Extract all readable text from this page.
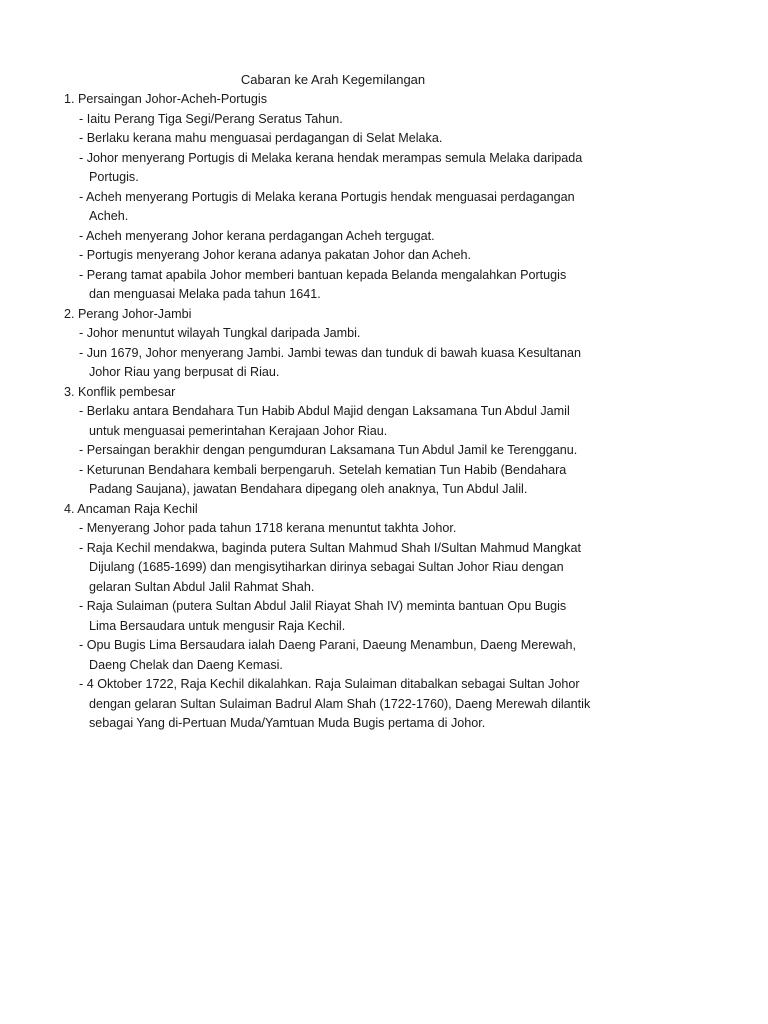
Cabaran ke Arah Kegemilangan
1. Persaingan Johor-Acheh-Portugis
- Iaitu Perang Tiga Segi/Perang Seratus Tahun.
- Berlaku kerana mahu menguasai perdagangan di Selat Melaka.
- Johor menyerang Portugis di Melaka kerana hendak merampas semula Melaka daripada
Portugis.
- Acheh menyerang Portugis di Melaka kerana Portugis hendak menguasai perdagangan
Acheh.
- Acheh menyerang Johor kerana perdagangan Acheh tergugat.
- Portugis menyerang Johor kerana adanya pakatan Johor dan Acheh.
- Perang tamat apabila Johor memberi bantuan kepada Belanda mengalahkan Portugis
dan menguasai Melaka pada tahun 1641.
2. Perang Johor-Jambi
- Johor menuntut wilayah Tungkal daripada Jambi.
- Jun 1679, Johor menyerang Jambi. Jambi tewas dan tunduk di bawah kuasa Kesultanan
Johor Riau yang berpusat di Riau.
3. Konflik pembesar
- Berlaku antara Bendahara Tun Habib Abdul Majid dengan Laksamana Tun Abdul Jamil
untuk menguasai pemerintahan Kerajaan Johor Riau.
- Persaingan berakhir dengan pengumduran Laksamana Tun Abdul Jamil ke Terengganu.
- Keturunan Bendahara kembali berpengaruh. Setelah kematian Tun Habib (Bendahara
Padang Saujana), jawatan Bendahara dipegang oleh anaknya, Tun Abdul Jalil.
4. Ancaman Raja Kechil
- Menyerang Johor pada tahun 1718 kerana menuntut takhta Johor.
- Raja Kechil mendakwa, baginda putera Sultan Mahmud Shah I/Sultan Mahmud Mangkat
Dijulang (1685-1699) dan mengisytiharkan dirinya sebagai Sultan Johor Riau dengan
gelaran Sultan Abdul Jalil Rahmat Shah.
- Raja Sulaiman (putera Sultan Abdul Jalil Riayat Shah IV) meminta bantuan Opu Bugis
Lima Bersaudara untuk mengusir Raja Kechil.
- Opu Bugis Lima Bersaudara ialah Daeng Parani, Daeung Menambun, Daeng Merewah,
Daeng Chelak dan Daeng Kemasi.
- 4 Oktober 1722, Raja Kechil dikalahkan. Raja Sulaiman ditabalkan sebagai Sultan Johor
dengan gelaran Sultan Sulaiman Badrul Alam Shah (1722-1760), Daeng Merewah dilantik
sebagai Yang di-Pertuan Muda/Yamtuan Muda Bugis pertama di Johor.
